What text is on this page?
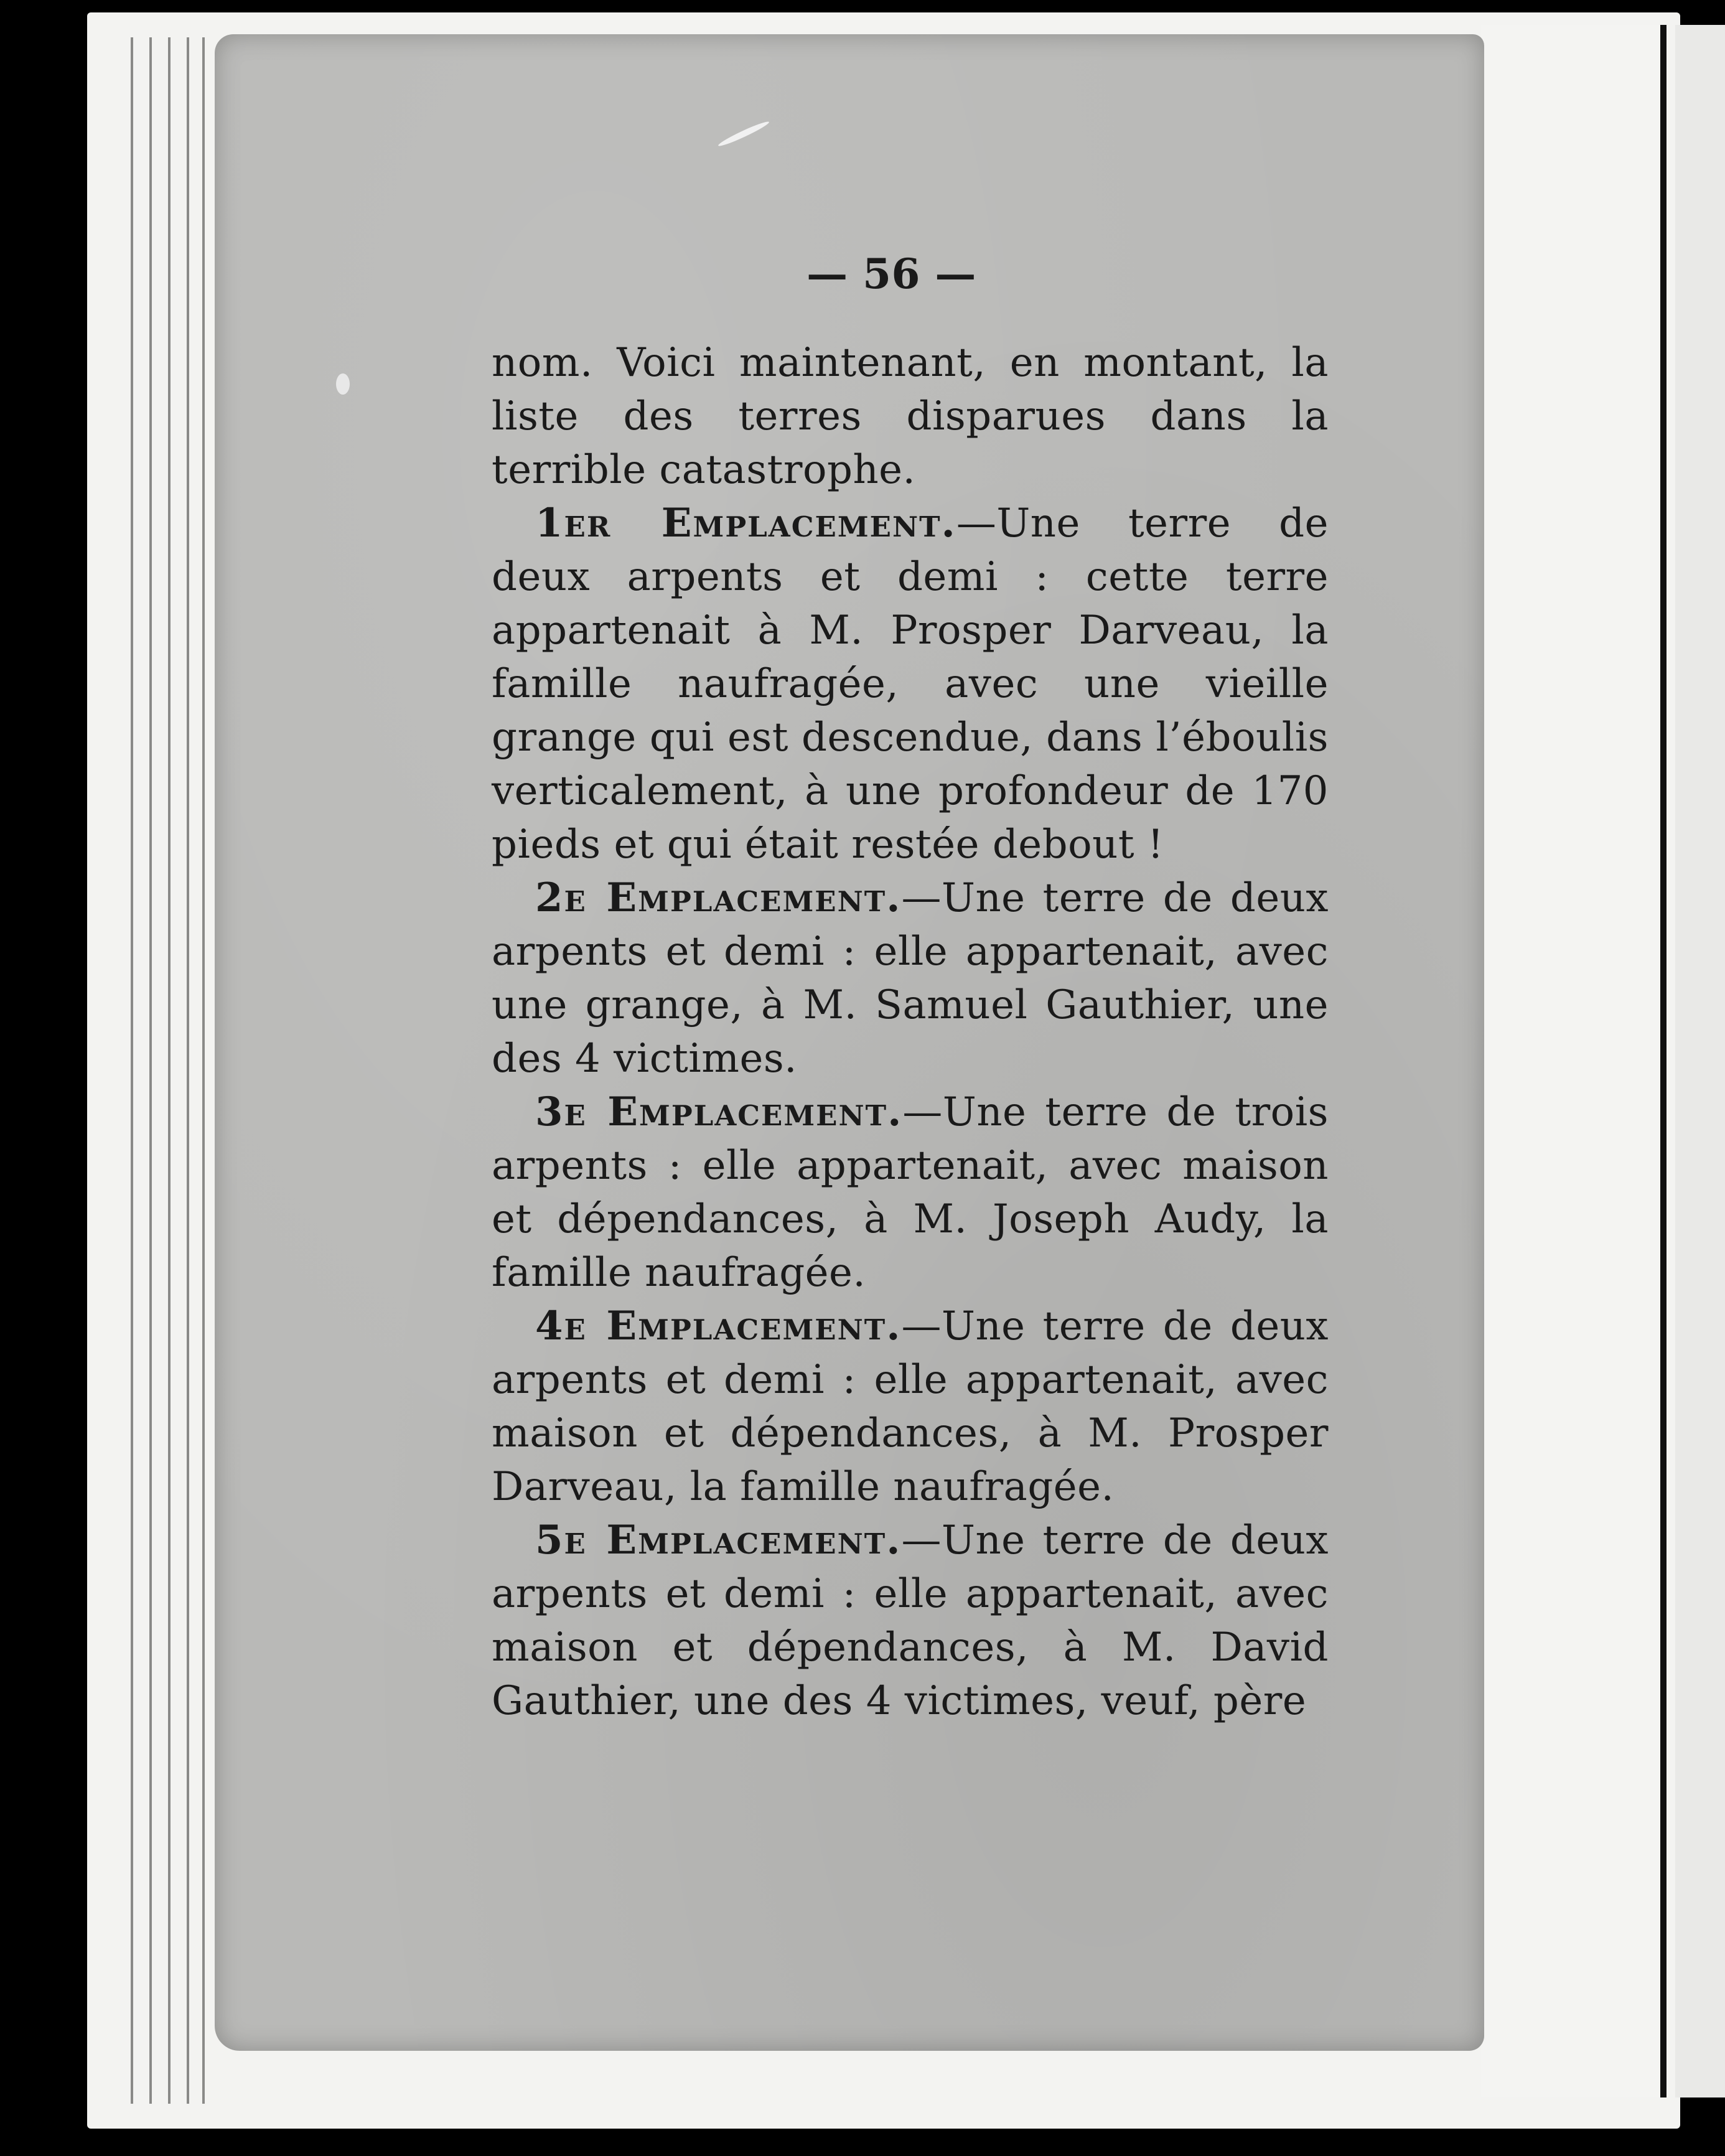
— 56 —

nom. Voici maintenant, en montant, la liste des terres disparues dans la terrible catastrophe.

1er Emplacement.—Une terre de deux arpents et demi : cette terre appartenait à M. Prosper Darveau, la famille naufragée, avec une vieille grange qui est descendue, dans l’éboulis verticalement, à une profondeur de 170 pieds et qui était restée debout !

2e Emplacement.—Une terre de deux arpents et demi : elle appartenait, avec une grange, à M. Samuel Gauthier, une des 4 victimes.

3e Emplacement.—Une terre de trois arpents : elle appartenait, avec maison et dépendances, à M. Joseph Audy, la famille naufragée.

4e Emplacement.—Une terre de deux arpents et demi : elle appartenait, avec maison et dépendances, à M. Prosper Darveau, la famille naufragée.

5e Emplacement.—Une terre de deux arpents et demi : elle appartenait, avec maison et dépendances, à M. David Gauthier, une des 4 victimes, veuf, père
